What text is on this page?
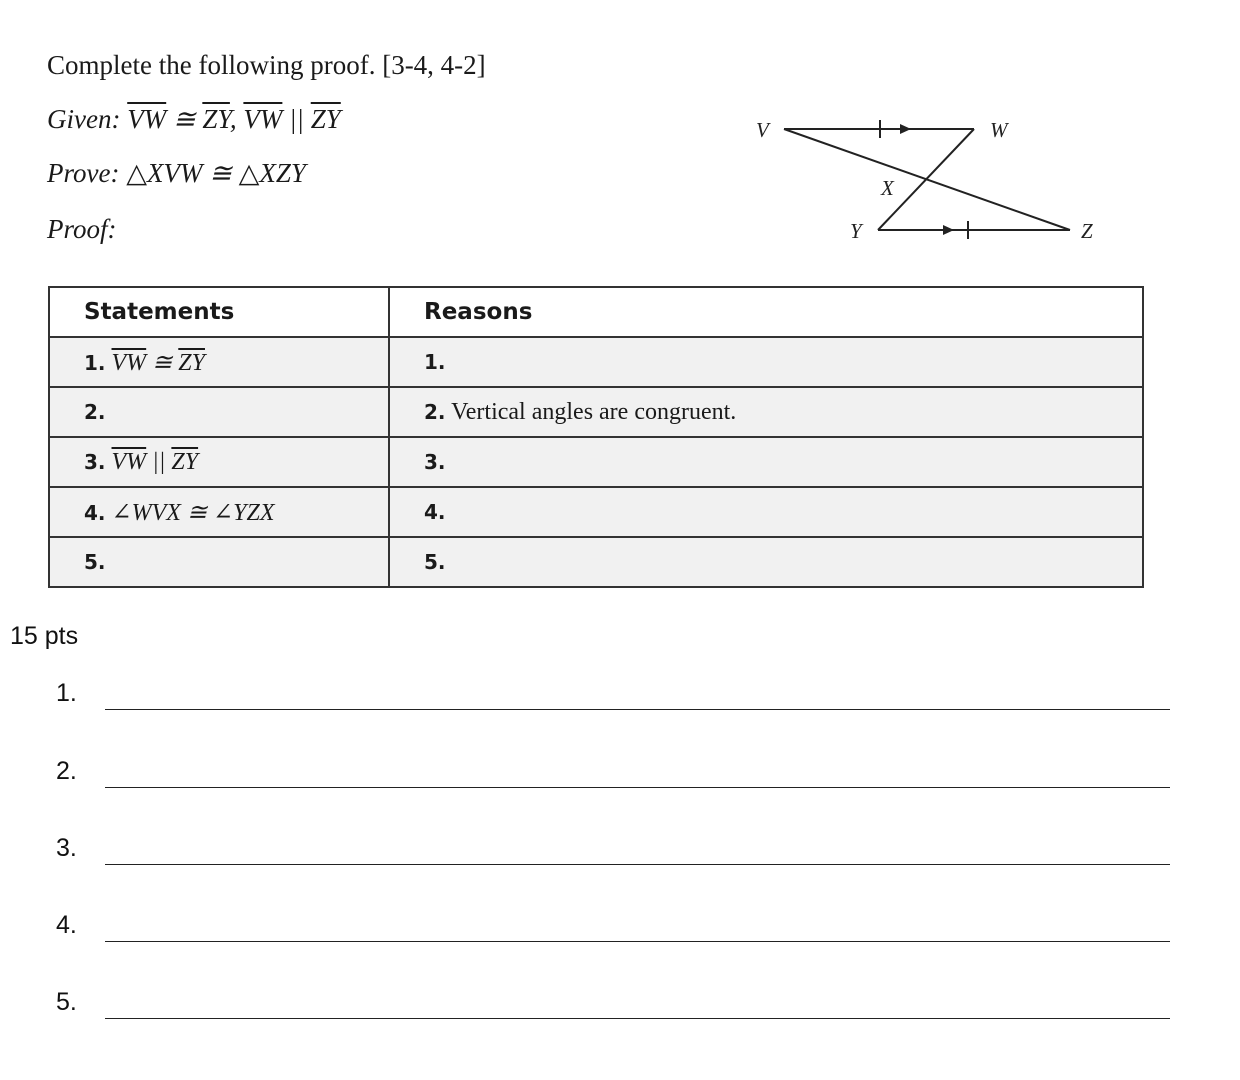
Complete the following proof. [3-4, 4-2]
Given: $\overline{VW}$ ≅ $\overline{ZY}$, $\overline{VW}$ || $\overline{ZY}$
Prove: △XVW ≅ △XZY
Proof:
V	W
X
Y	Z
Statements	Reasons
1. $\overline{VW}$ ≅ $\overline{ZY}$	1.
2.	2. Vertical angles are congruent.
3. $\overline{VW}$ || $\overline{ZY}$	3.
4. ∠WVX ≅ ∠YZX	4.
5.	5.
15 pts
1.
2.
3.
4.
5.
